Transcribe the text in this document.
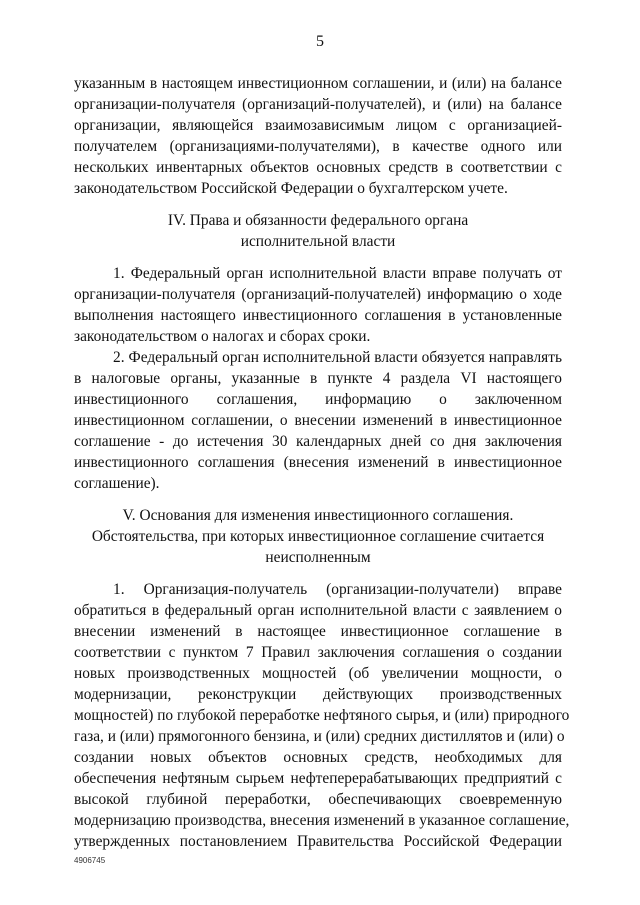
5
указанным в настоящем инвестиционном соглашении, и (или) на балансе
организации-получателя (организаций-получателей), и (или) на балансе
организации, являющейся взаимозависимым лицом с организацией-
получателем (организациями-получателями), в качестве одного или
нескольких инвентарных объектов основных средств в соответствии с
законодательством Российской Федерации о бухгалтерском учете.
IV. Права и обязанности федерального органа
исполнительной власти
1. Федеральный орган исполнительной власти вправе получать от
организации-получателя (организаций-получателей) информацию о ходе
выполнения настоящего инвестиционного соглашения в установленные
законодательством о налогах и сборах сроки.
2. Федеральный орган исполнительной власти обязуется направлять
в налоговые органы, указанные в пункте 4 раздела VI настоящего
инвестиционного соглашения, информацию о заключенном
инвестиционном соглашении, о внесении изменений в инвестиционное
соглашение - до истечения 30 календарных дней со дня заключения
инвестиционного соглашения (внесения изменений в инвестиционное
соглашение).
V. Основания для изменения инвестиционного соглашения.
Обстоятельства, при которых инвестиционное соглашение считается
неисполненным
1. Организация-получатель (организации-получатели) вправе
обратиться в федеральный орган исполнительной власти с заявлением о
внесении изменений в настоящее инвестиционное соглашение в
соответствии с пунктом 7 Правил заключения соглашения о создании
новых производственных мощностей (об увеличении мощности, о
модернизации, реконструкции действующих производственных
мощностей) по глубокой переработке нефтяного сырья, и (или) природного
газа, и (или) прямогонного бензина, и (или) средних дистиллятов и (или) о
создании новых объектов основных средств, необходимых для
обеспечения нефтяным сырьем нефтеперерабатывающих предприятий с
высокой глубиной переработки, обеспечивающих своевременную
модернизацию производства, внесения изменений в указанное соглашение,
утвержденных постановлением Правительства Российской Федерации
4906745
